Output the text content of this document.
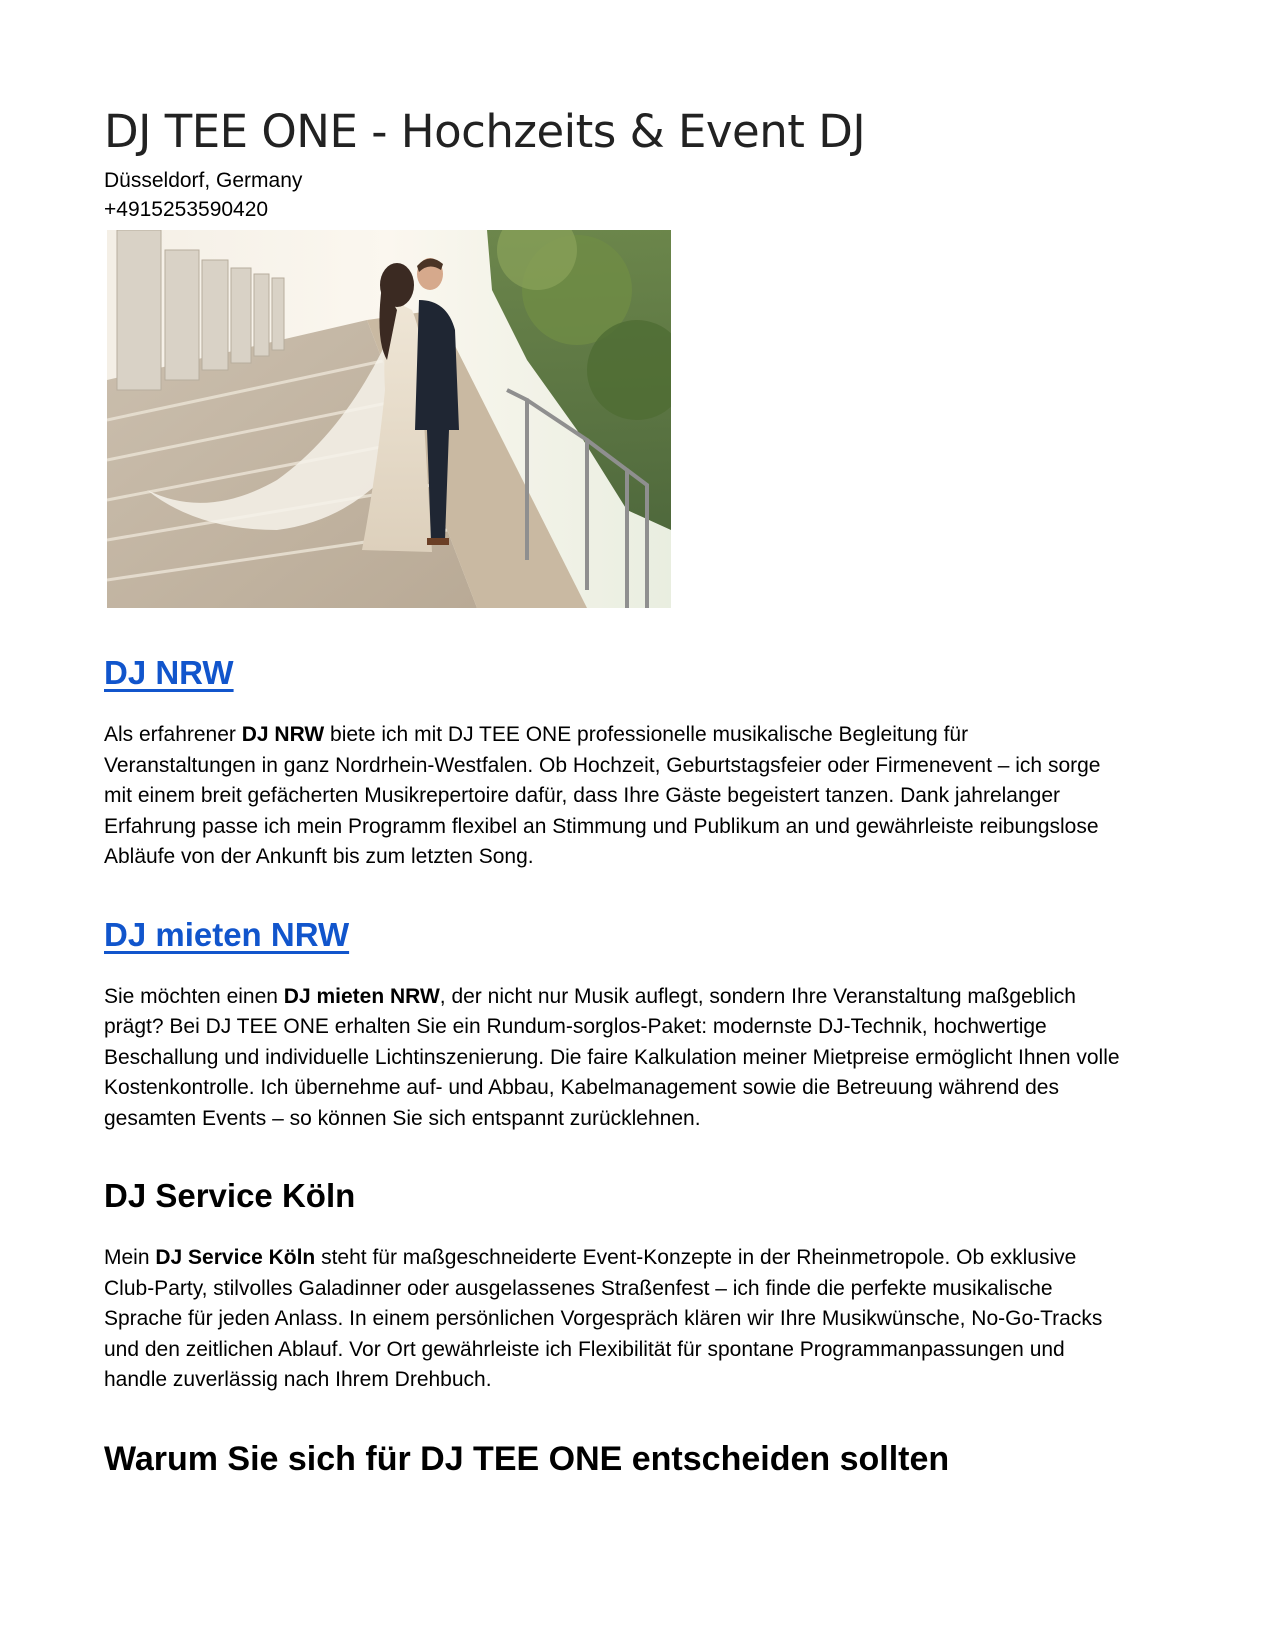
DJ TEE ONE - Hochzeits & Event DJ
Düsseldorf, Germany
+4915253590420
DJ NRW

Als erfahrener DJ NRW biete ich mit DJ TEE ONE professionelle musikalische Begleitung für Veranstaltungen in ganz Nordrhein-Westfalen. Ob Hochzeit, Geburtstagsfeier oder Firmenevent – ich sorge mit einem breit gefächerten Musikrepertoire dafür, dass Ihre Gäste begeistert tanzen. Dank jahrelanger Erfahrung passe ich mein Programm flexibel an Stimmung und Publikum an und gewährleiste reibungslose Abläufe von der Ankunft bis zum letzten Song.

DJ mieten NRW

Sie möchten einen DJ mieten NRW, der nicht nur Musik auflegt, sondern Ihre Veranstaltung maßgeblich prägt? Bei DJ TEE ONE erhalten Sie ein Rundum-sorglos-Paket: modernste DJ‑Technik, hochwertige Beschallung und individuelle Lichtinszenierung. Die faire Kalkulation meiner Mietpreise ermöglicht Ihnen volle Kostenkontrolle. Ich übernehme auf- und Abbau, Kabelmanagement sowie die Betreuung während des gesamten Events – so können Sie sich entspannt zurücklehnen.

DJ Service Köln

Mein DJ Service Köln steht für maßgeschneiderte Event‑Konzepte in der Rheinmetropole. Ob exklusive Club‑Party, stilvolles Galadinner oder ausgelassenes Straßenfest – ich finde die perfekte musikalische Sprache für jeden Anlass. In einem persönlichen Vorgespräch klären wir Ihre Musikwünsche, No‑Go‑Tracks und den zeitlichen Ablauf. Vor Ort gewährleiste ich Flexibilität für spontane Programmanpassungen und handle zuverlässig nach Ihrem Drehbuch.

Warum Sie sich für DJ TEE ONE entscheiden sollten
